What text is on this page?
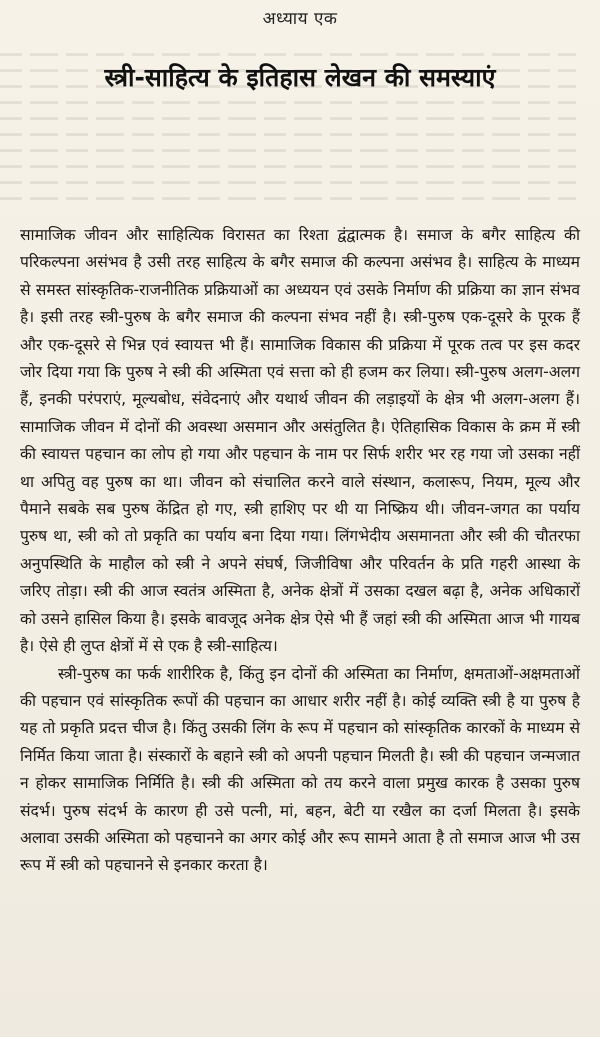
अध्याय एक
स्त्री-साहित्य के इतिहास लेखन की समस्याएं

सामाजिक जीवन और साहित्यिक विरासत का रिश्ता द्वंद्वात्मक है। समाज के बगैर साहित्य की परिकल्पना असंभव है उसी तरह साहित्य के बगैर समाज की कल्पना असंभव है। साहित्य के माध्यम से समस्त सांस्कृतिक-राजनीतिक प्रक्रियाओं का अध्ययन एवं उसके निर्माण की प्रक्रिया का ज्ञान संभव है। इसी तरह स्त्री-पुरुष के बगैर समाज की कल्पना संभव नहीं है। स्त्री-पुरुष एक-दूसरे के पूरक हैं और एक-दूसरे से भिन्न एवं स्वायत्त भी हैं। सामाजिक विकास की प्रक्रिया में पूरक तत्व पर इस कदर जोर दिया गया कि पुरुष ने स्त्री की अस्मिता एवं सत्ता को ही हजम कर लिया। स्त्री-पुरुष अलग-अलग हैं, इनकी परंपराएं, मूल्यबोध, संवेदनाएं और यथार्थ जीवन की लड़ाइयों के क्षेत्र भी अलग-अलग हैं। सामाजिक जीवन में दोनों की अवस्था असमान और असंतुलित है। ऐतिहासिक विकास के क्रम में स्त्री की स्वायत्त पहचान का लोप हो गया और पहचान के नाम पर सिर्फ शरीर भर रह गया जो उसका नहीं था अपितु वह पुरुष का था। जीवन को संचालित करने वाले संस्थान, कलारूप, नियम, मूल्य और पैमाने सबके सब पुरुष केंद्रित हो गए, स्त्री हाशिए पर थी या निष्क्रिय थी। जीवन-जगत का पर्याय पुरुष था, स्त्री को तो प्रकृति का पर्याय बना दिया गया। लिंगभेदीय असमानता और स्त्री की चौतरफा अनुपस्थिति के माहौल को स्त्री ने अपने संघर्ष, जिजीविषा और परिवर्तन के प्रति गहरी आस्था के जरिए तोड़ा। स्त्री की आज स्वतंत्र अस्मिता है, अनेक क्षेत्रों में उसका दखल बढ़ा है, अनेक अधिकारों को उसने हासिल किया है। इसके बावजूद अनेक क्षेत्र ऐसे भी हैं जहां स्त्री की अस्मिता आज भी गायब है। ऐसे ही लुप्त क्षेत्रों में से एक है स्त्री-साहित्य।

स्त्री-पुरुष का फर्क शारीरिक है, किंतु इन दोनों की अस्मिता का निर्माण, क्षमताओं-अक्षमताओं की पहचान एवं सांस्कृतिक रूपों की पहचान का आधार शरीर नहीं है। कोई व्यक्ति स्त्री है या पुरुष है यह तो प्रकृति प्रदत्त चीज है। किंतु उसकी लिंग के रूप में पहचान को सांस्कृतिक कारकों के माध्यम से निर्मित किया जाता है। संस्कारों के बहाने स्त्री को अपनी पहचान मिलती है। स्त्री की पहचान जन्मजात न होकर सामाजिक निर्मिति है। स्त्री की अस्मिता को तय करने वाला प्रमुख कारक है उसका पुरुष संदर्भ। पुरुष संदर्भ के कारण ही उसे पत्नी, मां, बहन, बेटी या रखैल का दर्जा मिलता है। इसके अलावा उसकी अस्मिता को पहचानने का अगर कोई और रूप सामने आता है तो समाज आज भी उस रूप में स्त्री को पहचानने से इनकार करता है।
